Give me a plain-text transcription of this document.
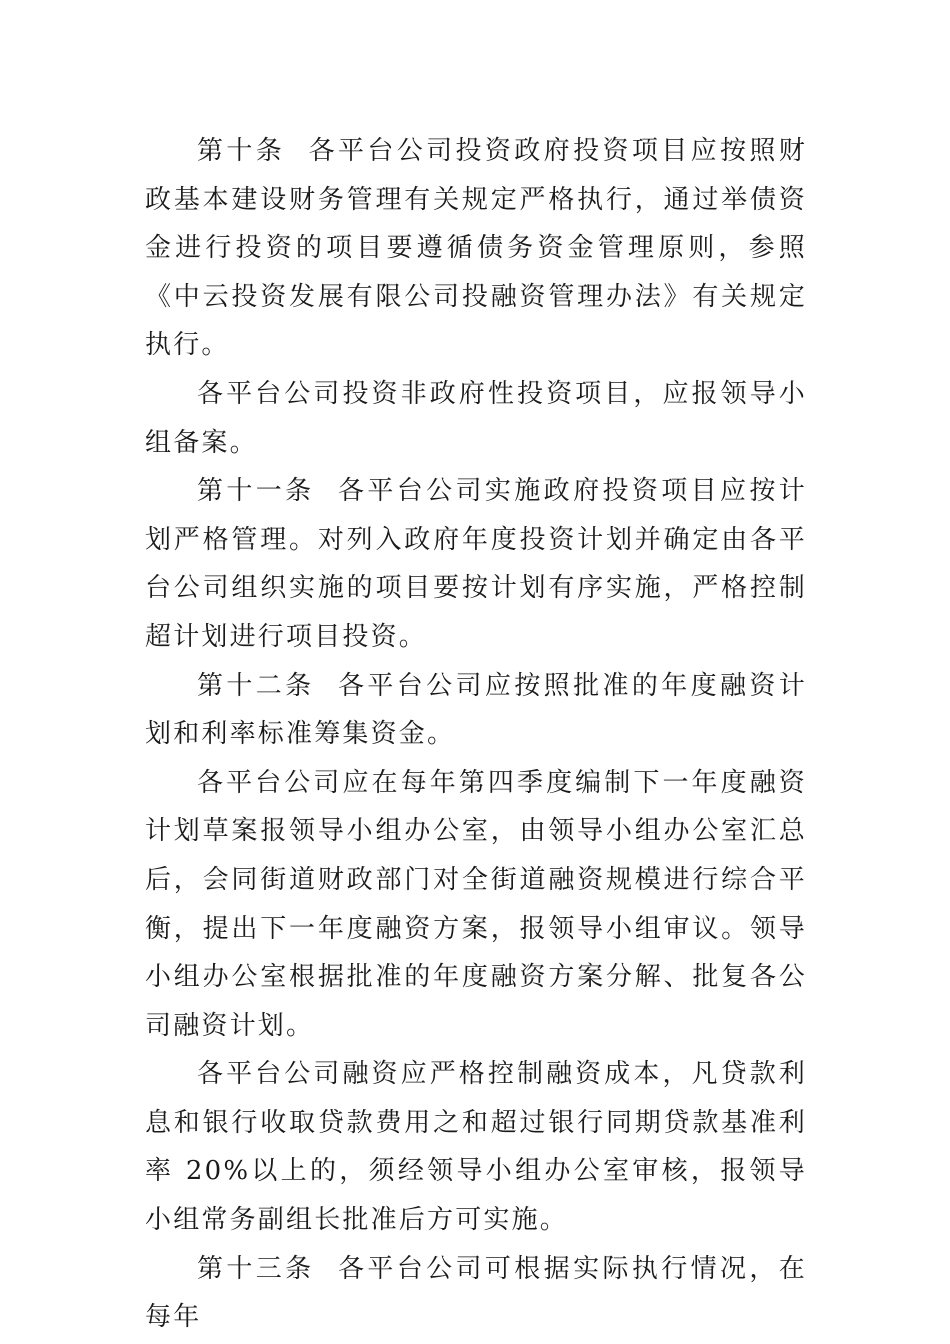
第十条 各平台公司投资政府投资项目应按照财政基本建设财务管理有关规定严格执行，通过举债资金进行投资的项目要遵循债务资金管理原则，参照《中云投资发展有限公司投融资管理办法》有关规定执行。

各平台公司投资非政府性投资项目，应报领导小组备案。

第十一条 各平台公司实施政府投资项目应按计划严格管理。对列入政府年度投资计划并确定由各平台公司组织实施的项目要按计划有序实施，严格控制超计划进行项目投资。

第十二条 各平台公司应按照批准的年度融资计划和利率标准筹集资金。

各平台公司应在每年第四季度编制下一年度融资计划草案报领导小组办公室，由领导小组办公室汇总后，会同街道财政部门对全街道融资规模进行综合平衡，提出下一年度融资方案，报领导小组审议。领导小组办公室根据批准的年度融资方案分解、批复各公司融资计划。

各平台公司融资应严格控制融资成本，凡贷款利息和银行收取贷款费用之和超过银行同期贷款基准利率 20%以上的，须经领导小组办公室审核，报领导小组常务副组长批准后方可实施。

第十三条 各平台公司可根据实际执行情况，在每年
